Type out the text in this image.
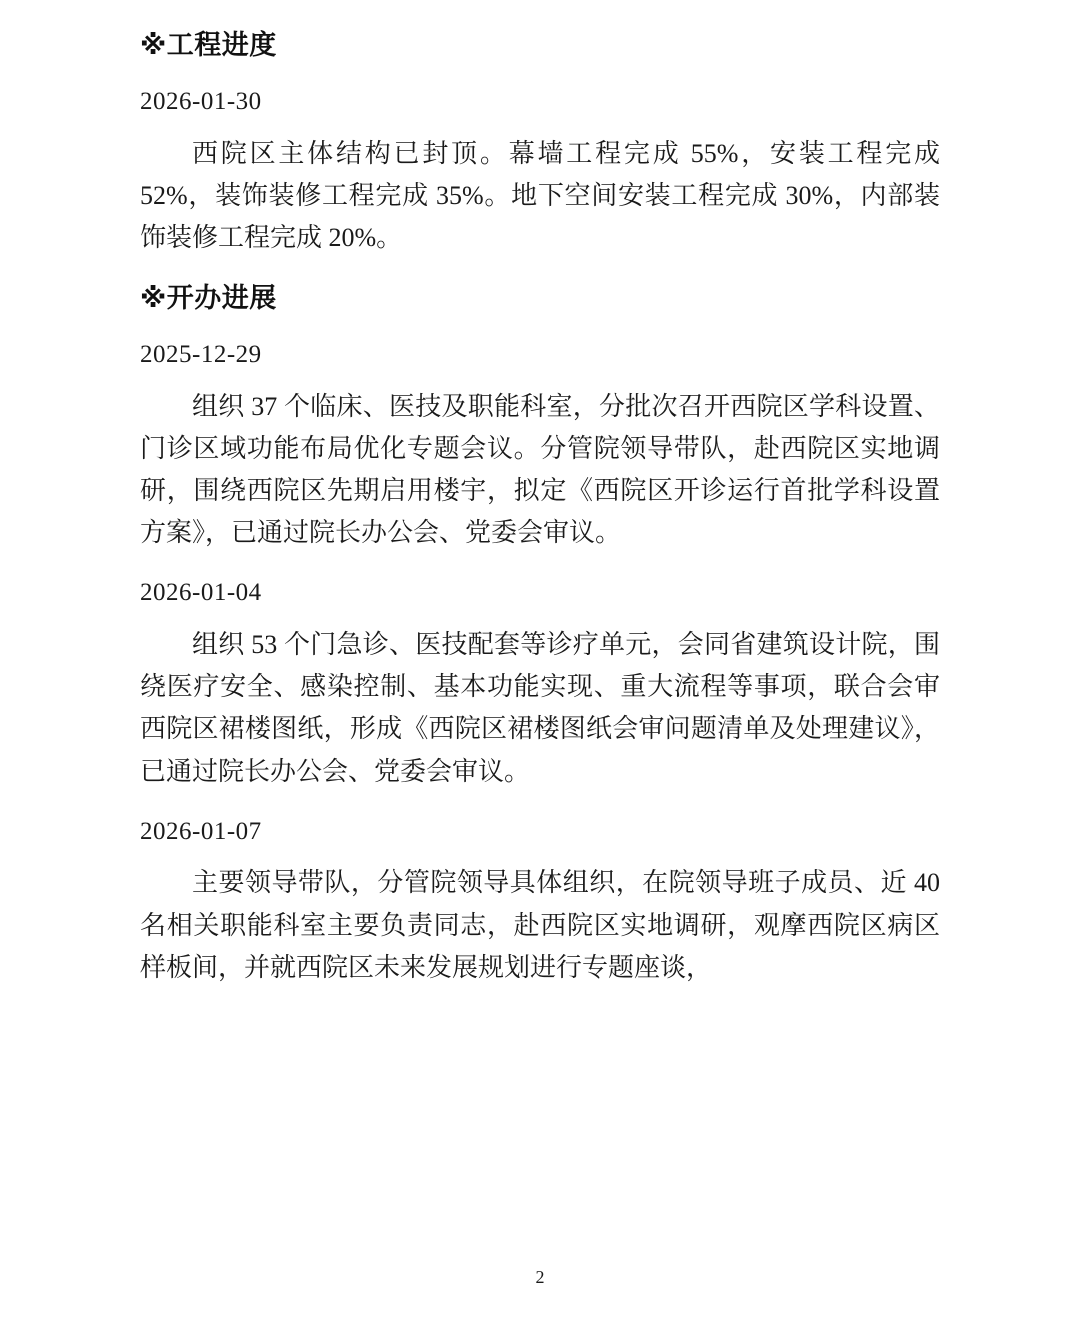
※工程进度

2026-01-30

西院区主体结构已封顶。幕墙工程完成 55%，安装工程完成 52%，装饰装修工程完成 35%。地下空间安装工程完成 30%，内部装饰装修工程完成 20%。

※开办进展

2025-12-29

组织 37 个临床、医技及职能科室，分批次召开西院区学科设置、门诊区域功能布局优化专题会议。分管院领导带队，赴西院区实地调研，围绕西院区先期启用楼宇，拟定《西院区开诊运行首批学科设置方案》，已通过院长办公会、党委会审议。

2026-01-04

组织 53 个门急诊、医技配套等诊疗单元，会同省建筑设计院，围绕医疗安全、感染控制、基本功能实现、重大流程等事项，联合会审西院区裙楼图纸，形成《西院区裙楼图纸会审问题清单及处理建议》，已通过院长办公会、党委会审议。

2026-01-07

主要领导带队，分管院领导具体组织，在院领导班子成员、近 40 名相关职能科室主要负责同志，赴西院区实地调研，观摩西院区病区样板间，并就西院区未来发展规划进行专题座谈，

2
